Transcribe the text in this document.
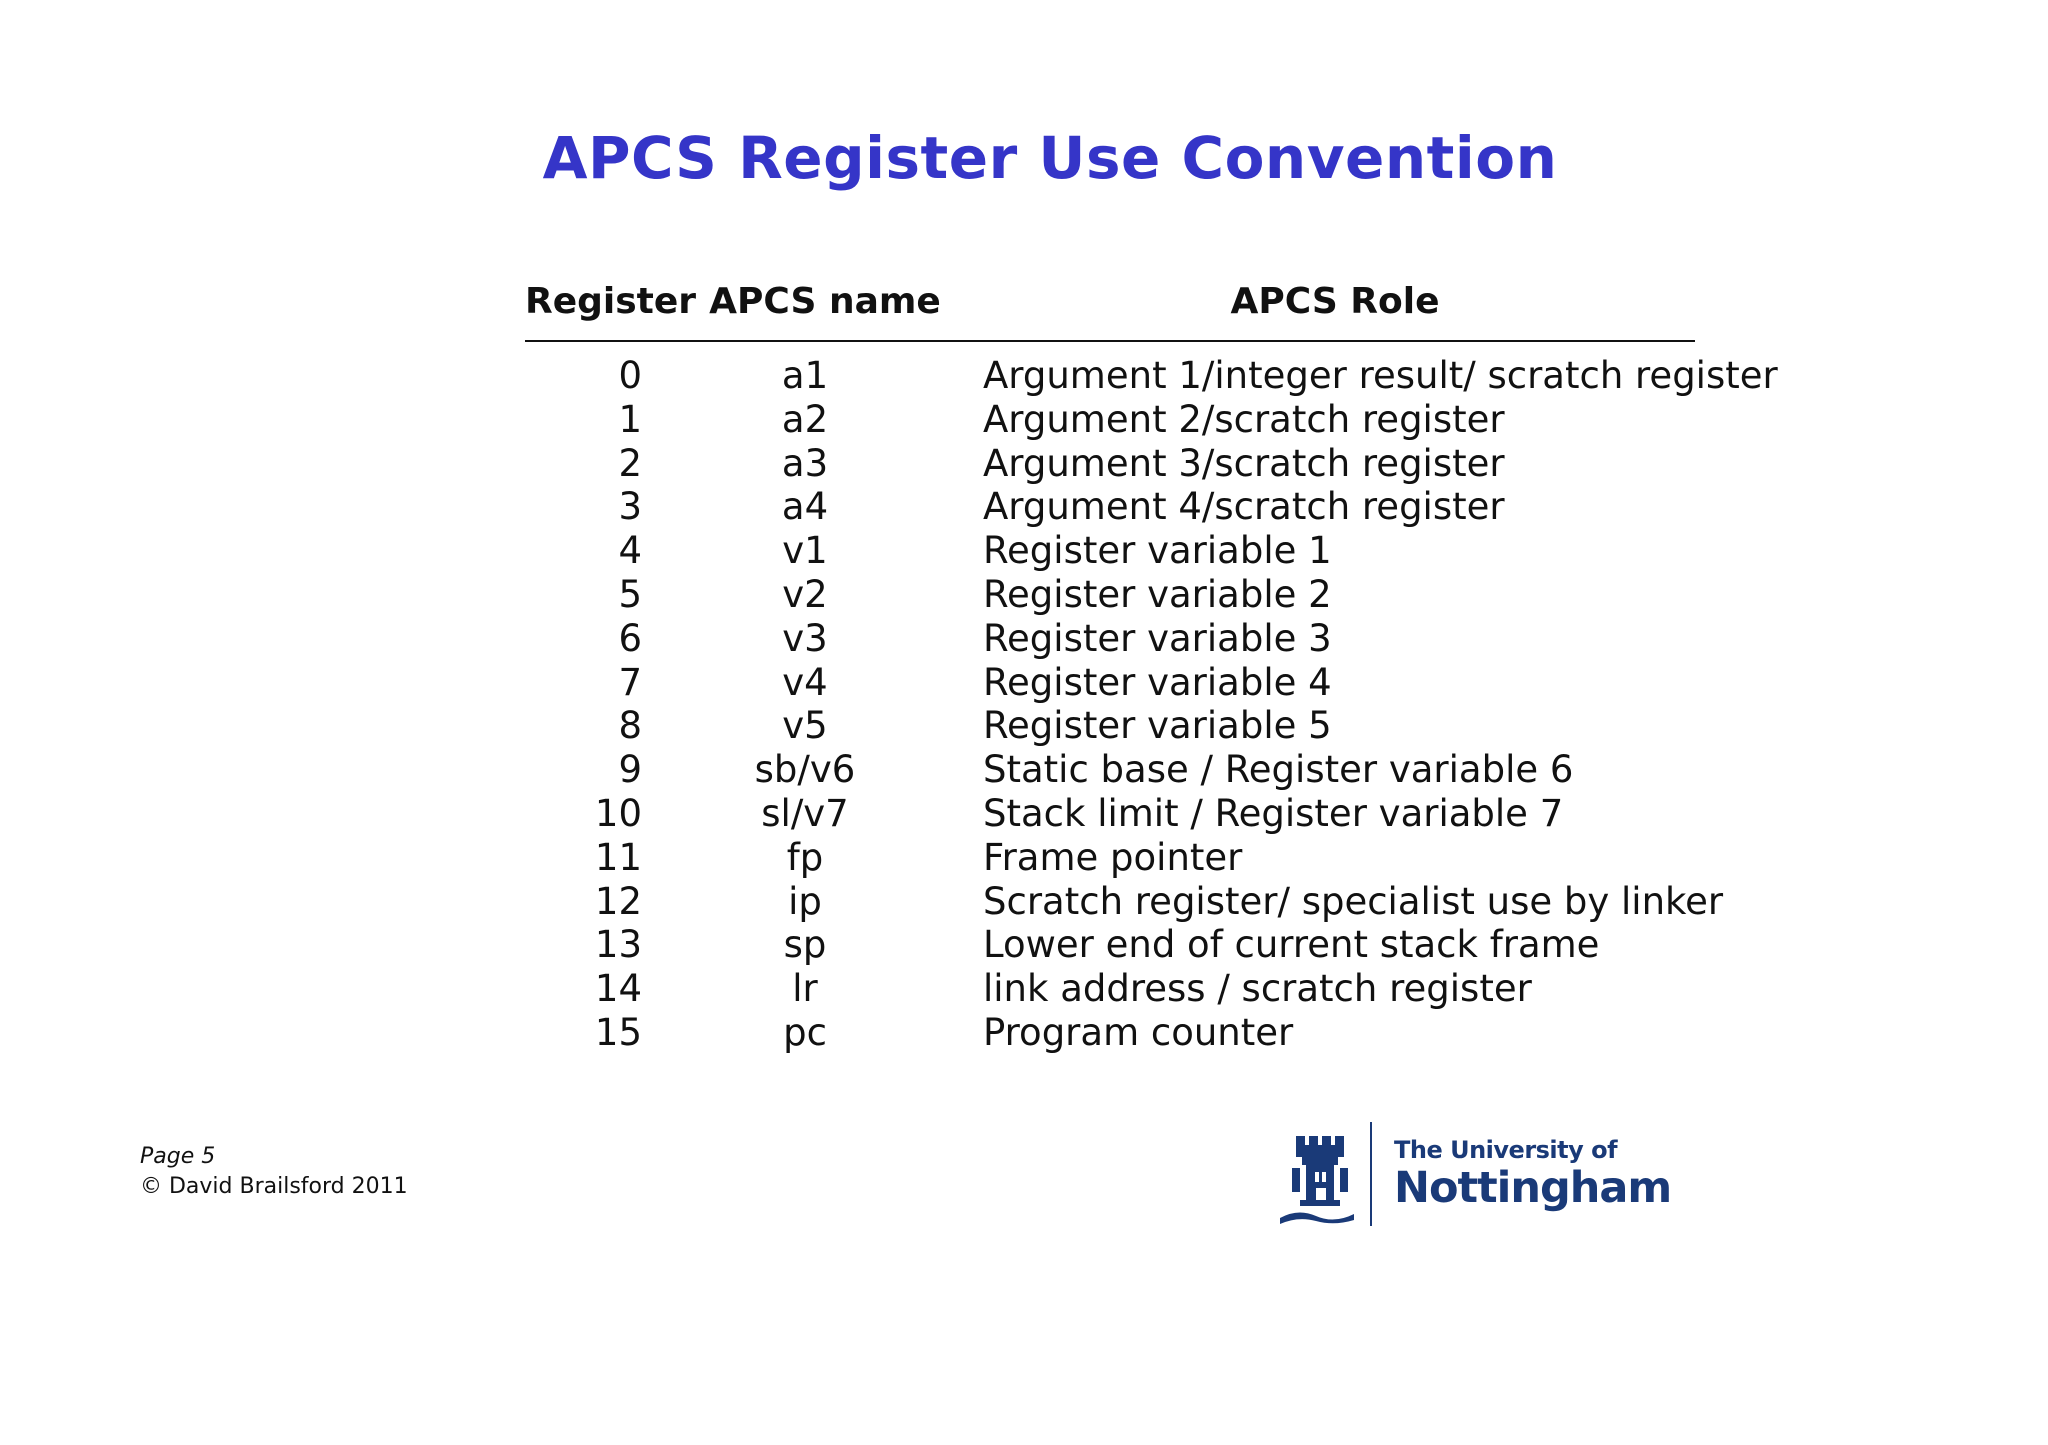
APCS Register Use Convention
Register	APCS name	APCS Role
0	a1	Argument 1/integer result/ scratch register
1	a2	Argument 2/scratch register
2	a3	Argument 3/scratch register
3	a4	Argument 4/scratch register
4	v1	Register variable 1
5	v2	Register variable 2
6	v3	Register variable 3
7	v4	Register variable 4
8	v5	Register variable 5
9	sb/v6	Static base / Register variable 6
10	sl/v7	Stack limit / Register variable 7
11	fp	Frame pointer
12	ip	Scratch register/ specialist use by linker
13	sp	Lower end of current stack frame
14	lr	link address / scratch register
15	pc	Program counter
Page 5
© David Brailsford 2011
The University of
Nottingham
